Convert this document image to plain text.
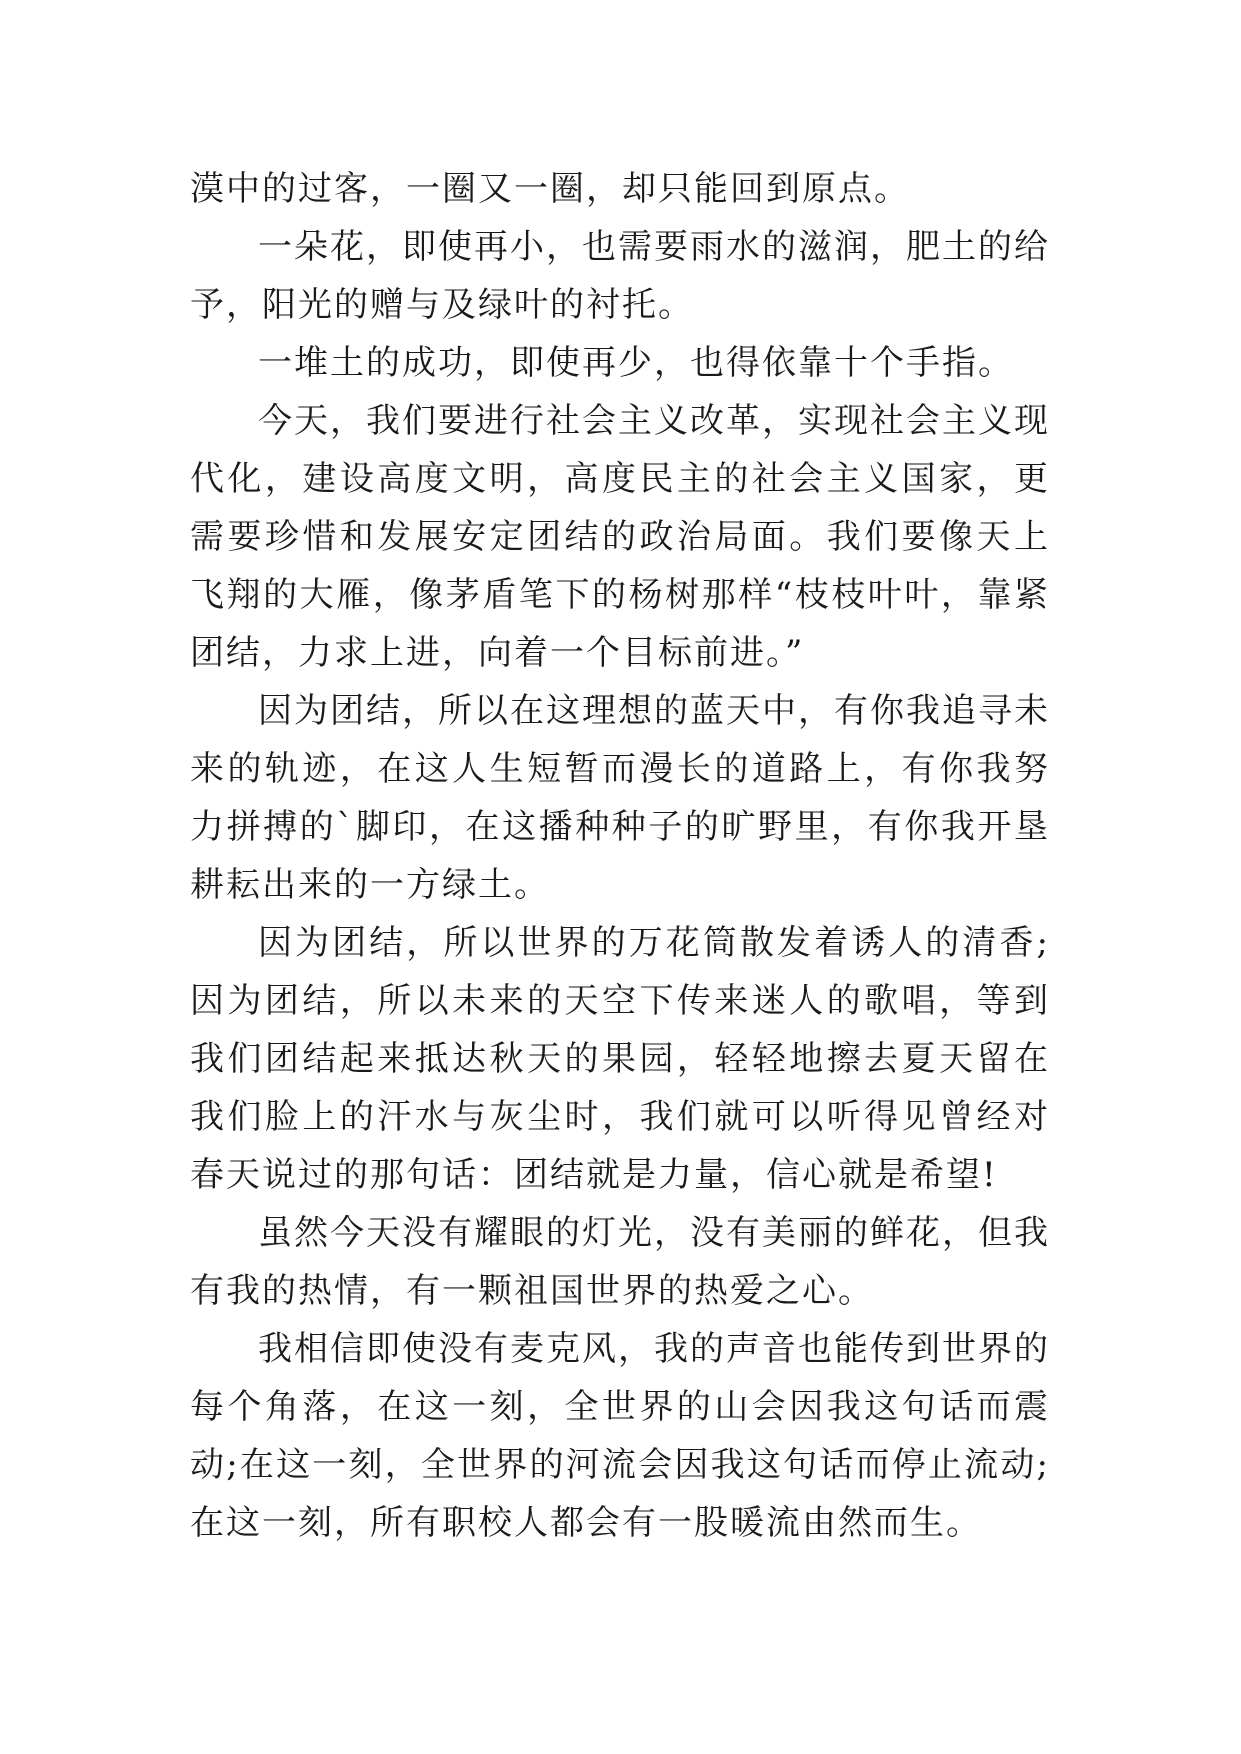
漠中的过客，一圈又一圈，却只能回到原点。

一朵花，即使再小，也需要雨水的滋润，肥土的给予，阳光的赠与及绿叶的衬托。

一堆土的成功，即使再少，也得依靠十个手指。

今天，我们要进行社会主义改革，实现社会主义现代化，建设高度文明，高度民主的社会主义国家，更需要珍惜和发展安定团结的政治局面。我们要像天上飞翔的大雁，像茅盾笔下的杨树那样“枝枝叶叶，靠紧团结，力求上进，向着一个目标前进。”

因为团结，所以在这理想的蓝天中，有你我追寻未来的轨迹，在这人生短暂而漫长的道路上，有你我努力拼搏的`脚印，在这播种种子的旷野里，有你我开垦耕耘出来的一方绿土。

因为团结，所以世界的万花筒散发着诱人的清香;因为团结，所以未来的天空下传来迷人的歌唱，等到我们团结起来抵达秋天的果园，轻轻地擦去夏天留在我们脸上的汗水与灰尘时，我们就可以听得见曾经对春天说过的那句话：团结就是力量，信心就是希望!

虽然今天没有耀眼的灯光，没有美丽的鲜花，但我有我的热情，有一颗祖国世界的热爱之心。

我相信即使没有麦克风，我的声音也能传到世界的每个角落，在这一刻，全世界的山会因我这句话而震动;在这一刻，全世界的河流会因我这句话而停止流动;在这一刻，所有职校人都会有一股暖流由然而生。
